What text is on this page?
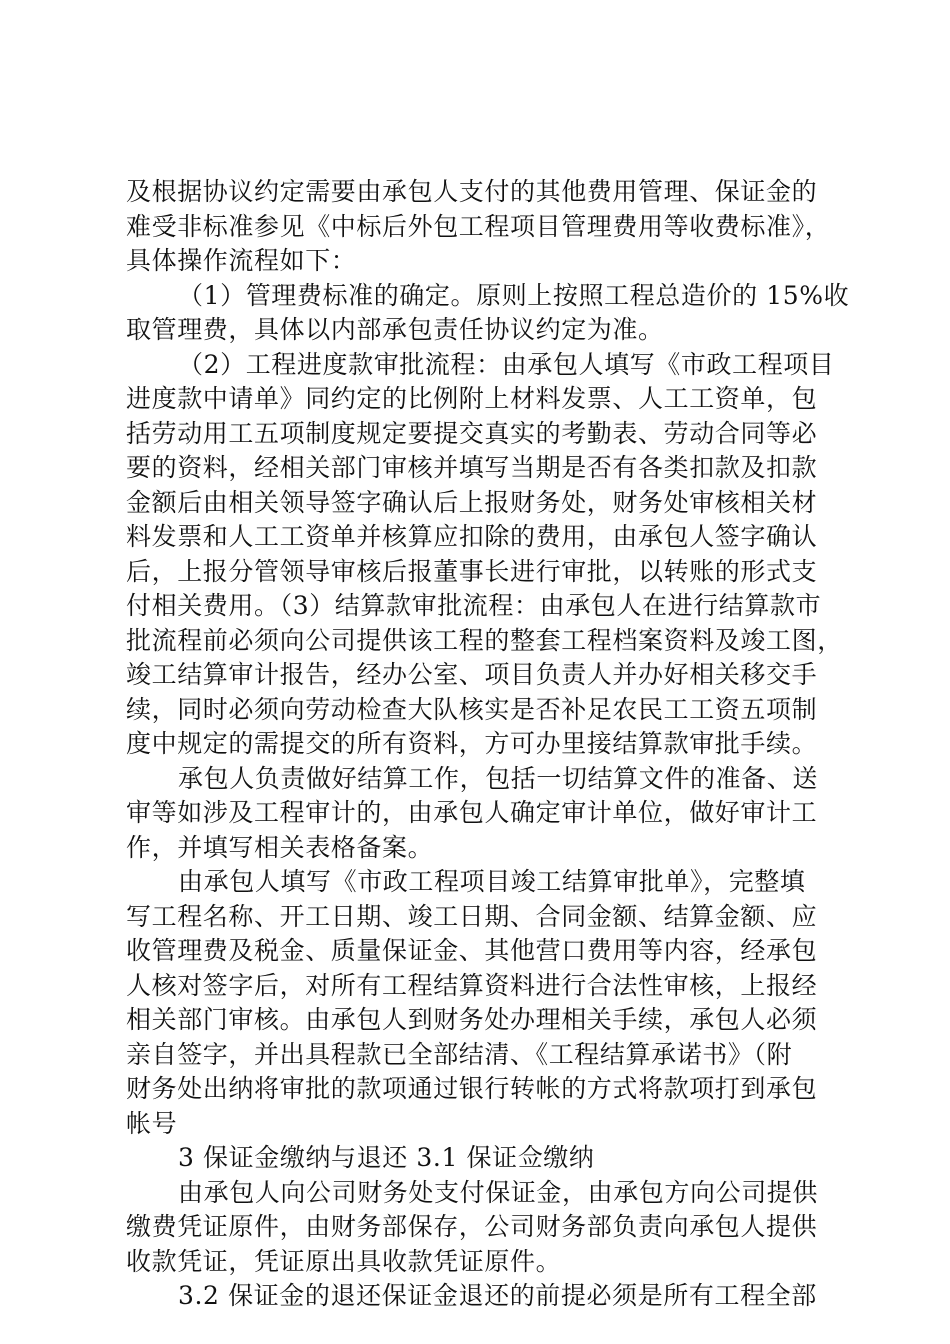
及根据协议约定需要由承包人支付的其他费用管理、保证金的
难受非标准参见《中标后外包工程项目管理费用等收费标准》，
具体操作流程如下：
（1）管理费标准的确定。原则上按照工程总造价的 15%收
取管理费，具体以内部承包责任协议约定为准。
（2）工程进度款审批流程：由承包人填写《市政工程项目
进度款中请单》同约定的比例附上材料发票、人工工资单，包
括劳动用工五项制度规定要提交真实的考勤表、劳动合同等必
要的资料，经相关部门审核并填写当期是否有各类扣款及扣款
金额后由相关领导签字确认后上报财务处，财务处审核相关材
料发票和人工工资单并核算应扣除的费用，由承包人签字确认
后，上报分管领导审核后报董事长进行审批，以转账的形式支
付相关费用。（3）结算款审批流程：由承包人在进行结算款市
批流程前必须向公司提供该工程的整套工程档案资料及竣工图，
竣工结算审计报告，经办公室、项目负责人并办好相关移交手
续，同时必须向劳动检查大队核实是否补足农民工工资五项制
度中规定的需提交的所有资料，方可办里接结算款审批手续。
承包人负责做好结算工作，包括一切结算文件的准备、送
审等如涉及工程审计的，由承包人确定审计单位，做好审计工
作，并填写相关表格备案。
由承包人填写《市政工程项目竣工结算审批单》，完整填
写工程名称、开工日期、竣工日期、合同金额、结算金额、应
收管理费及税金、质量保证金、其他营口费用等内容，经承包
人核对签字后，对所有工程结算资料进行合法性审核，上报经
相关部门审核。由承包人到财务处办理相关手续，承包人必须
亲自签字，并出具程款已全部结清、《工程结算承诺书》（附
财务处出纳将审批的款项通过银行转帐的方式将款项打到承包
帐号
3 保证金缴纳与退还 3.1 保证佥缴纳
由承包人向公司财务处支付保证金，由承包方向公司提供
缴费凭证原件，由财务部保存，公司财务部负责向承包人提供
收款凭证，凭证原出具收款凭证原件。
3.2 保证金的退还保证金退还的前提必须是所有工程全部
